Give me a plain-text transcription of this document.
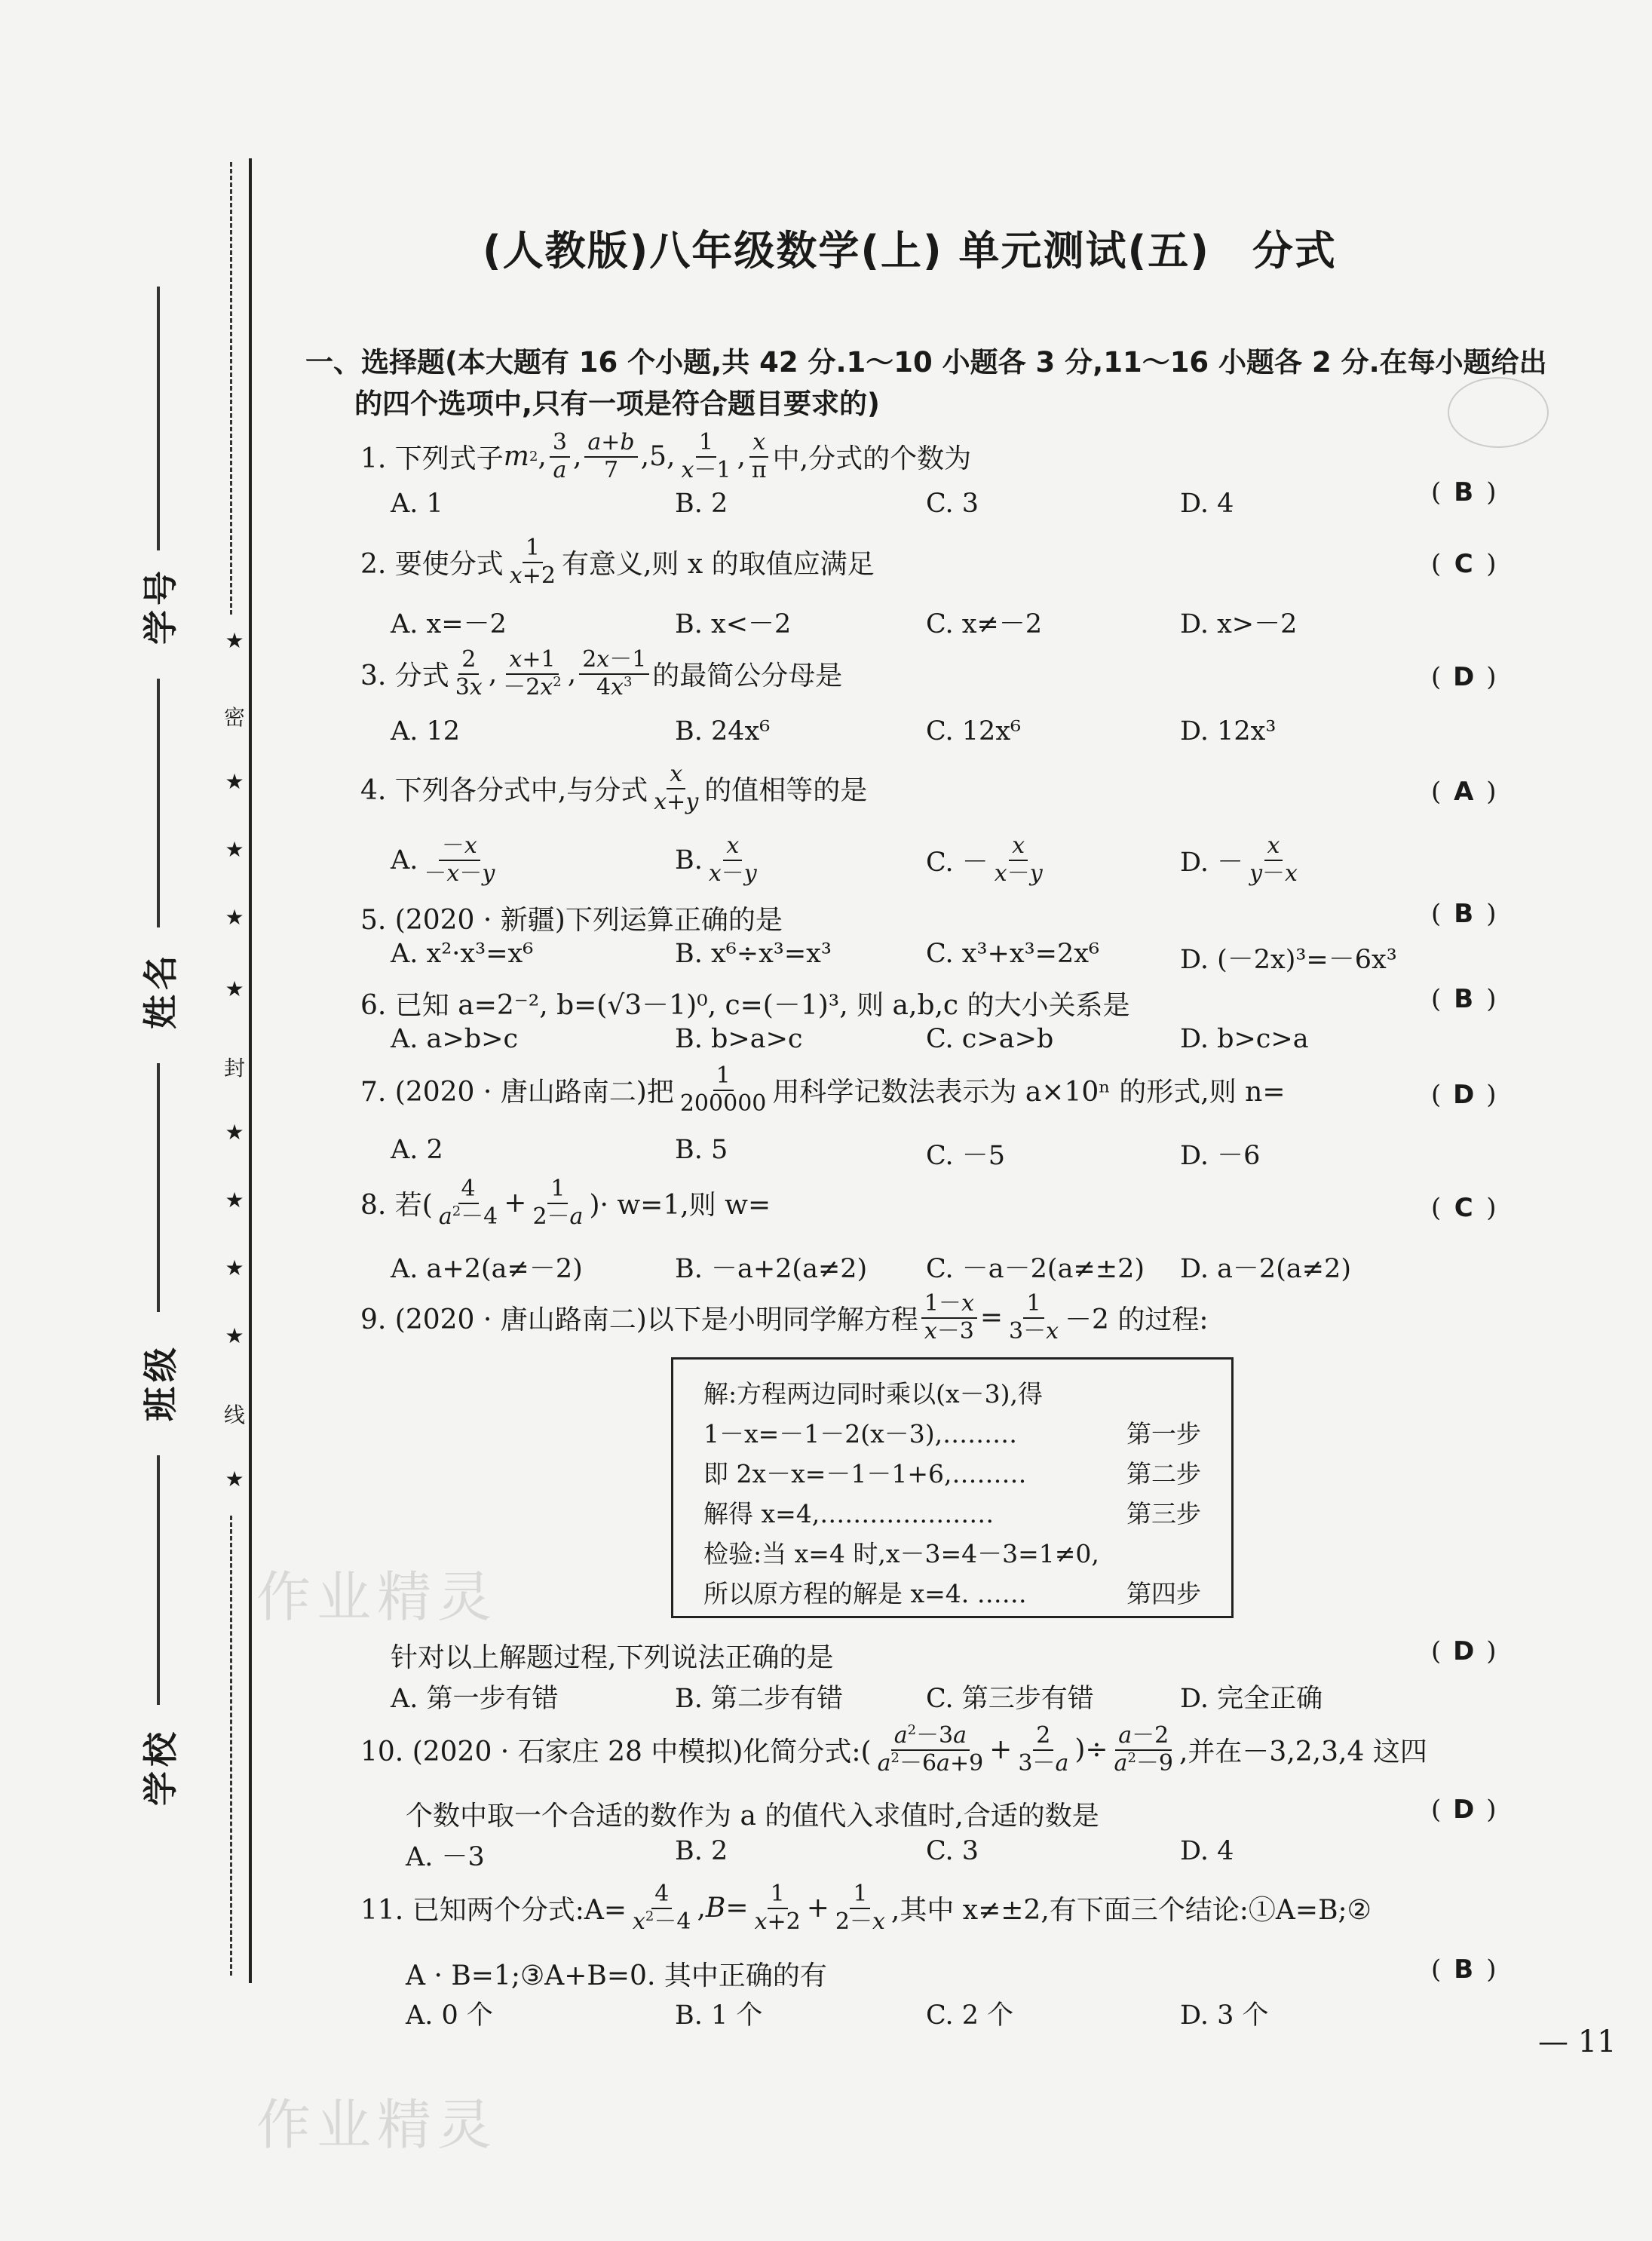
★
密
★
★
★
★
封
★
★
★
★
线
★
学号
姓名
班级
学校
(人教版)八年级数学(上) 单元测试(五)　分式
一、选择题(本大题有 16 个小题,共 42 分.1～10 小题各 3 分,11～16 小题各 2 分.在每小题给出
的四个选项中,只有一项是符合题目要求的)
1. 下列式子 m 2 , $\frac{3}{a}$ , $\frac{a+b}{7} ,5$, $\frac{1}{x-1}$ , $\frac{x}{\pi}$ 中,分式的个数为
( B )
A. 1	B. 2	C. 3	D. 4
2. 要使分式 $\frac{1}{x+2}$ 有意义,则 x 的取值应满足	( C )
A. x=－2	B. x<－2	C. x≠－2	D. x>－2
3. 分式 $\frac{2}{3x}$ , $\frac{x+1}{-2x^2}$ , $\frac{2x-1}{4x^3}$ 的最简公分母是	( D )
A. 12	B. 24x⁶	C. 12x⁶	D. 12x³
4. 下列各分式中,与分式 $\frac{x}{x+y}$ 的值相等的是	( A )
A. $\frac{-x}{-x-y}$	B. $\frac{x}{x-y}$	C. － $\frac{x}{x-y}$	D. － $\frac{x}{y-x}$
5. (2020 · 新疆)下列运算正确的是	( B )
A. x²·x³=x⁶	B. x⁶÷x³=x³	C. x³+x³=2x⁶	D. (－2x)³=－6x³
6. 已知 a=2⁻², b=(√3－1)⁰, c=(－1)³, 则 a,b,c 的大小关系是	( B )
A. a>b>c	B. b>a>c	C. c>a>b	D. b>c>a
7. (2020 · 唐山路南二)把 $\frac{1}{200000}$ 用科学记数法表示为 a×10ⁿ 的形式,则 n=	( D )
A. 2	B. 5	C. －5	D. －6
8. 若( $\frac{4}{a^2-4} + \frac{1}{2-a}$ )· w=1,则 w=	( C )
A. a+2(a≠－2)	B. －a+2(a≠2) C. －a－2(a≠±2) D. a－2(a≠2)
9. (2020 · 唐山路南二)以下是小明同学解方程 $\frac{1-x}{x-3} = \frac{1}{3-x} -2$ 的过程:
解:方程两边同时乘以(x－3),得
1－x=－1－2(x－3),………	第一步
即 2x－x=－1－1+6,………	第二步
解得 x=4,…………………	第三步
检验:当 x=4 时,x－3=4－3=1≠0,
所以原方程的解是 x=4. ……	第四步
针对以上解题过程,下列说法正确的是	( D )
A. 第一步有错	B. 第二步有错	C. 第三步有错	D. 完全正确
10. (2020 · 石家庄 28 中模拟)化简分式:( $\frac{a^2-3a}{a^2-6a+9} + \frac{2}{3-a}$ )÷ $\frac{a-2}{a^2-9}$ ,并在－3,2,3,4 这四
个数中取一个合适的数作为 a 的值代入求值时,合适的数是	( D )
A. －3	B. 2	C. 3	D. 4
11. 已知两个分式:A= $\frac{4}{x^2-4}$ , $B = \frac{1}{x+2} + \frac{1}{2-x}$ ,其中 x≠±2,有下面三个结论:①A=B;②
A · B=1;③A+B=0. 其中正确的有	( B )
A. 0 个	B. 1 个	C. 2 个	D. 3 个
作业精灵
作业精灵
— 11
